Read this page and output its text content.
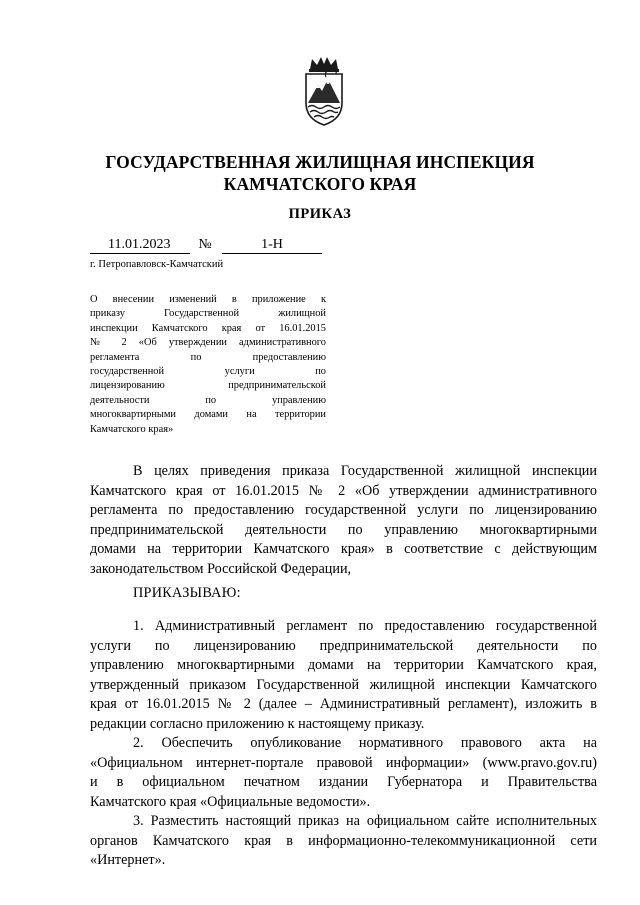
ГОСУДАРСТВЕННАЯ ЖИЛИЩНАЯ ИНСПЕКЦИЯ
КАМЧАТСКОГО КРАЯ
ПРИКАЗ
11.01.2023	№	1-Н
г. Петропавловск-Камчатский
О внесении изменений в приложение к
приказу Государственной жилищной
инспекции Камчатского края от 16.01.2015
№ 2 «Об утверждении административного
регламента по предоставлению
государственной услуги по
лицензированию предпринимательской
деятельности по управлению
многоквартирными домами на территории
Камчатского края»
В целях приведения приказа Государственной жилищной инспекции
Камчатского края от 16.01.2015 № 2 «Об утверждении административного
регламента по предоставлению государственной услуги по лицензированию
предпринимательской деятельности по управлению многоквартирными
домами на территории Камчатского края» в соответствие с действующим
законодательством Российской Федерации,
ПРИКАЗЫВАЮ:
1. Административный регламент по предоставлению государственной
услуги по лицензированию предпринимательской деятельности по
управлению многоквартирными домами на территории Камчатского края,
утвержденный приказом Государственной жилищной инспекции Камчатского
края от 16.01.2015 № 2 (далее – Административный регламент), изложить в
редакции согласно приложению к настоящему приказу.
2. Обеспечить опубликование нормативного правового акта на
«Официальном интернет-портале правовой информации» (www.pravo.gov.ru)
и в официальном печатном издании Губернатора и Правительства
Камчатского края «Официальные ведомости».
3. Разместить настоящий приказ на официальном сайте исполнительных
органов Камчатского края в информационно-телекоммуникационной сети
«Интернет».
